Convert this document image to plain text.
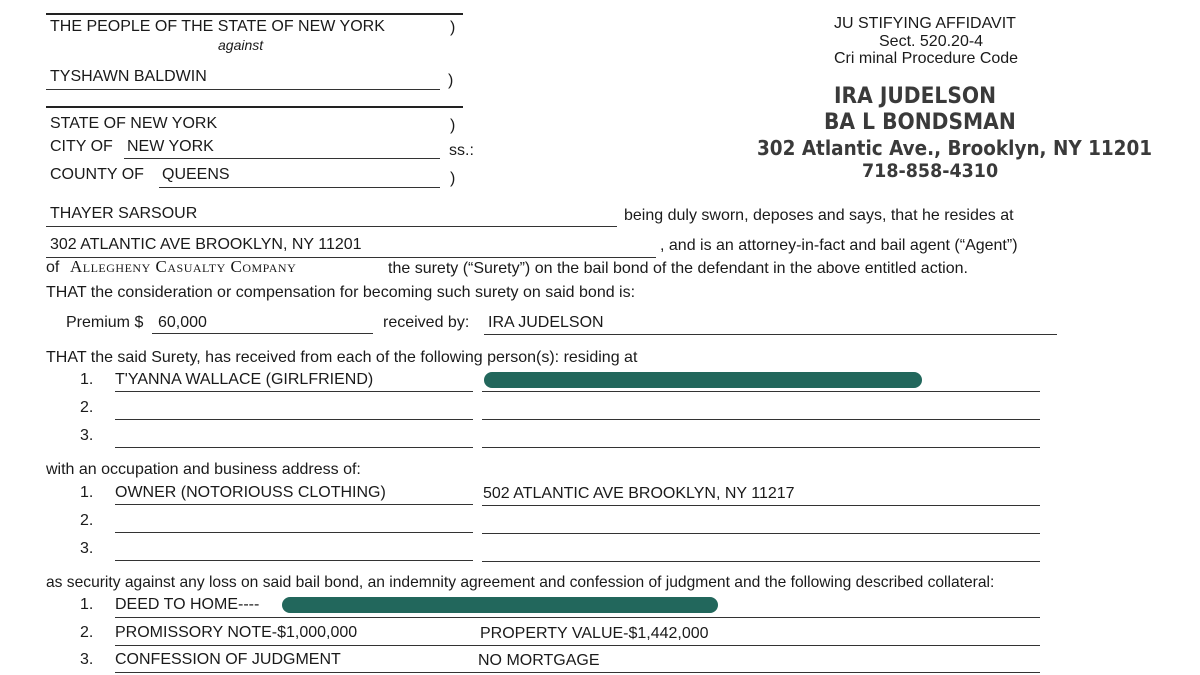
THE PEOPLE OF THE STATE OF NEW YORK	)
against
TYSHAWN BALDWIN	)
STATE OF NEW YORK	)
CITY OF NEW YORK	ss.:
COUNTY OF QUEENS	)
JU STIFYING AFFIDAVIT
Sect. 520.20-4
Cri minal Procedure Code
IRA JUDELSON
BA L BONDSMAN
302 Atlantic Ave., Brooklyn, NY 11201
718-858-4310
THAYER SARSOUR	being duly sworn, deposes and says, that he resides at
302 ATLANTIC AVE BROOKLYN, NY 11201	, and is an attorney-in-fact and bail agent (“Agent”)
of Allegheny Casualty Company	the surety (“Surety”) on the bail bond of the defendant in the above entitled action.
THAT the consideration or compensation for becoming such surety on said bond is:
Premium $ 60,000	received by: IRA JUDELSON
THAT the said Surety, has received from each of the following person(s): residing at
1. T'YANNA WALLACE (GIRLFRIEND)
2.
3.
with an occupation and business address of:
1. OWNER (NOTORIOUSS CLOTHING)	502 ATLANTIC AVE BROOKLYN, NY 11217
2.
3.
as security against any loss on said bail bond, an indemnity agreement and confession of judgment and the following described collateral:
1. DEED TO HOME----
2. PROMISSORY NOTE-$1,000,000	PROPERTY VALUE-$1,442,000
3. CONFESSION OF JUDGMENT	NO MORTGAGE
